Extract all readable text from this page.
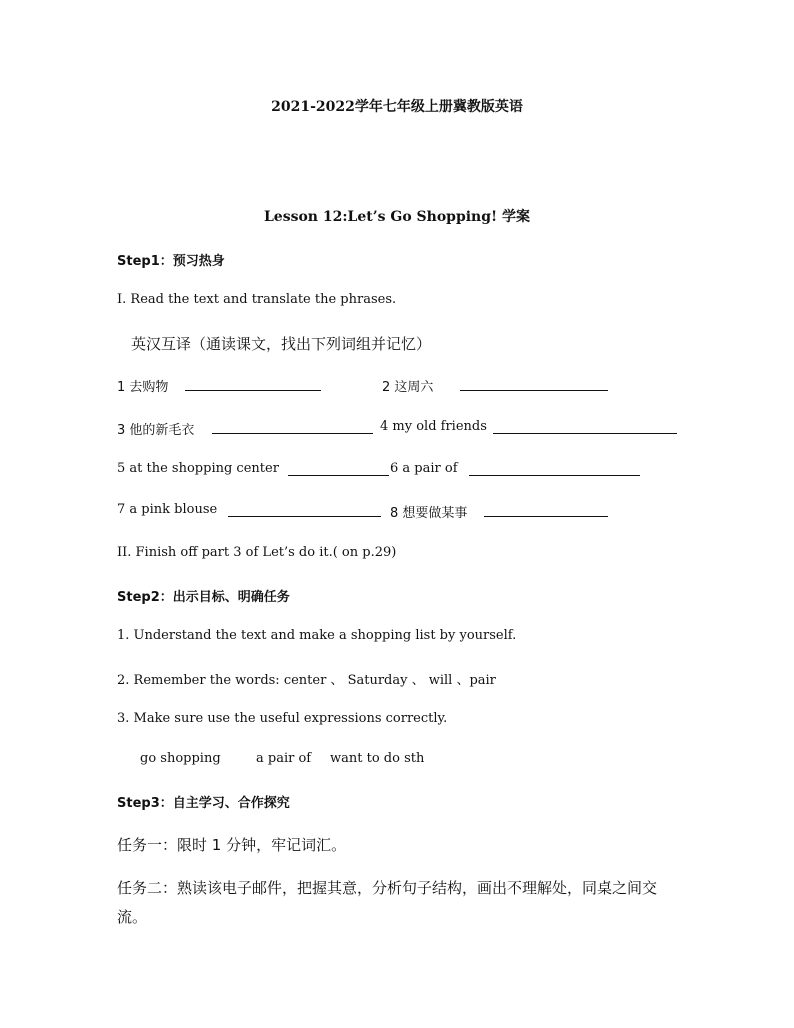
2021-2022学年七年级上册冀教版英语
Lesson 12:Let’s Go Shopping! 学案
Step1：预习热身
I. Read the text and translate the phrases.
英汉互译（通读课文，找出下列词组并记忆）
1 去购物	2 这周六
3 他的新毛衣	4 my old friends
5 at the shopping center	6 a pair of
7 a pink blouse	8 想要做某事
II. Finish off part 3 of Let’s do it.( on p.29)
Step2：出示目标、明确任务
1. Understand the text and make a shopping list by yourself.
2. Remember the words: center 、 Saturday 、 will 、pair
3. Make sure use the useful expressions correctly.
go shopping	a pair of want to do sth
Step3：自主学习、合作探究
任务一：限时 1 分钟，牢记词汇。
任务二：熟读该电子邮件，把握其意，分析句子结构，画出不理解处，同桌之间交
流。
